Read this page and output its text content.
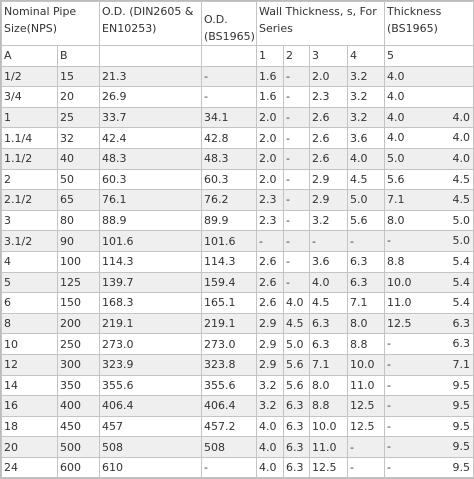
Nominal Pipe Size(NPS)		O.D. (DIN2605 & EN10253)	O.D. (BS1965)	Wall Thickness, s, For Series				Thickness (BS1965)
A	B			1	2	3	4	5
1/2	15	21.3	-	1.6	-	2.0	3.2	4.0

3/4	20	26.9	-	1.6	-	2.3	3.2	4.0

1	25	33.7	34.1	2.0	-	2.6	3.2	4.0 4.0

1.1/4	32	42.4	42.8	2.0	-	2.6	3.6	4.0 4.0

1.1/2	40	48.3	48.3	2.0	-	2.6	4.0	5.0 4.0

2	50	60.3	60.3	2.0	-	2.9	4.5	5.6 4.5

2.1/2	65	76.1	76.2	2.3	-	2.9	5.0	7.1 4.5

3	80	88.9	89.9	2.3	-	3.2	5.6	8.0 5.0

3.1/2	90	101.6	101.6	-	-	-	-	- 5.0

4	100	114.3	114.3	2.6	-	3.6	6.3	8.8 5.4

5	125	139.7	159.4	2.6	-	4.0	6.3	10.0 5.4

6	150	168.3	165.1	2.6	4.0	4.5	7.1	11.0 5.4

8	200	219.1	219.1	2.9	4.5	6.3	8.0	12.5 6.3

10	250	273.0	273.0	2.9	5.0	6.3	8.8	- 6.3

12	300	323.9	323.8	2.9	5.6	7.1	10.0	- 7.1

14	350	355.6	355.6	3.2	5.6	8.0	11.0	- 9.5

16	400	406.4	406.4	3.2	6.3	8.8	12.5	- 9.5

18	450	457	457.2	4.0	6.3	10.0	12.5	- 9.5

20	500	508	508	4.0	6.3	11.0	-	- 9.5

24	600	610	-	4.0	6.3	12.5	-	- 9.5
